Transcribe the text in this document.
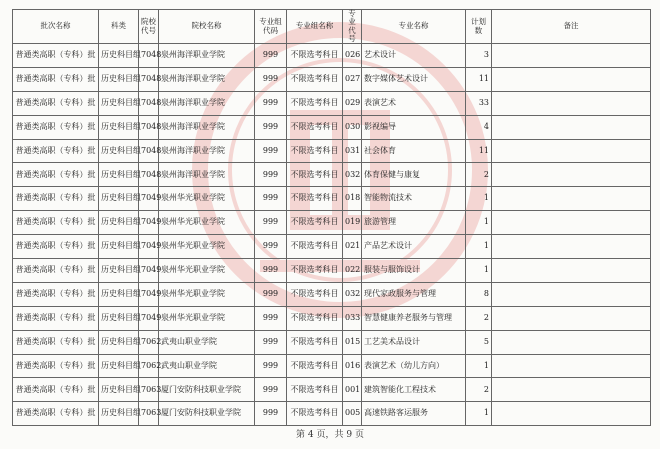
批次名称	科类	院校代号	院校名称	专业组代码	专业组名称	专业代号	专业名称	计划数	备注
普通类高职（专科）批	历史科目组	7048	泉州海洋职业学院	999	不限选考科目	026	艺术设计	3	
普通类高职（专科）批	历史科目组	7048	泉州海洋职业学院	999	不限选考科目	027	数字媒体艺术设计	11	
普通类高职（专科）批	历史科目组	7048	泉州海洋职业学院	999	不限选考科目	029	表演艺术	33	
普通类高职（专科）批	历史科目组	7048	泉州海洋职业学院	999	不限选考科目	030	影视编导	4	
普通类高职（专科）批	历史科目组	7048	泉州海洋职业学院	999	不限选考科目	031	社会体育	11	
普通类高职（专科）批	历史科目组	7048	泉州海洋职业学院	999	不限选考科目	032	体育保健与康复	2	
普通类高职（专科）批	历史科目组	7049	泉州华光职业学院	999	不限选考科目	018	智能物流技术	1	
普通类高职（专科）批	历史科目组	7049	泉州华光职业学院	999	不限选考科目	019	旅游管理	1	
普通类高职（专科）批	历史科目组	7049	泉州华光职业学院	999	不限选考科目	021	产品艺术设计	1	
普通类高职（专科）批	历史科目组	7049	泉州华光职业学院	999	不限选考科目	022	服装与服饰设计	1	
普通类高职（专科）批	历史科目组	7049	泉州华光职业学院	999	不限选考科目	032	现代家政服务与管理	8	
普通类高职（专科）批	历史科目组	7049	泉州华光职业学院	999	不限选考科目	033	智慧健康养老服务与管理	2	
普通类高职（专科）批	历史科目组	7062	武夷山职业学院	999	不限选考科目	015	工艺美术品设计	5	
普通类高职（专科）批	历史科目组	7062	武夷山职业学院	999	不限选考科目	016	表演艺术（幼儿方向）	1	
普通类高职（专科）批	历史科目组	7063	厦门安防科技职业学院	999	不限选考科目	001	建筑智能化工程技术	2	
普通类高职（专科）批	历史科目组	7063	厦门安防科技职业学院	999	不限选考科目	005	高速铁路客运服务	1	
第 4 页，共 9 页
